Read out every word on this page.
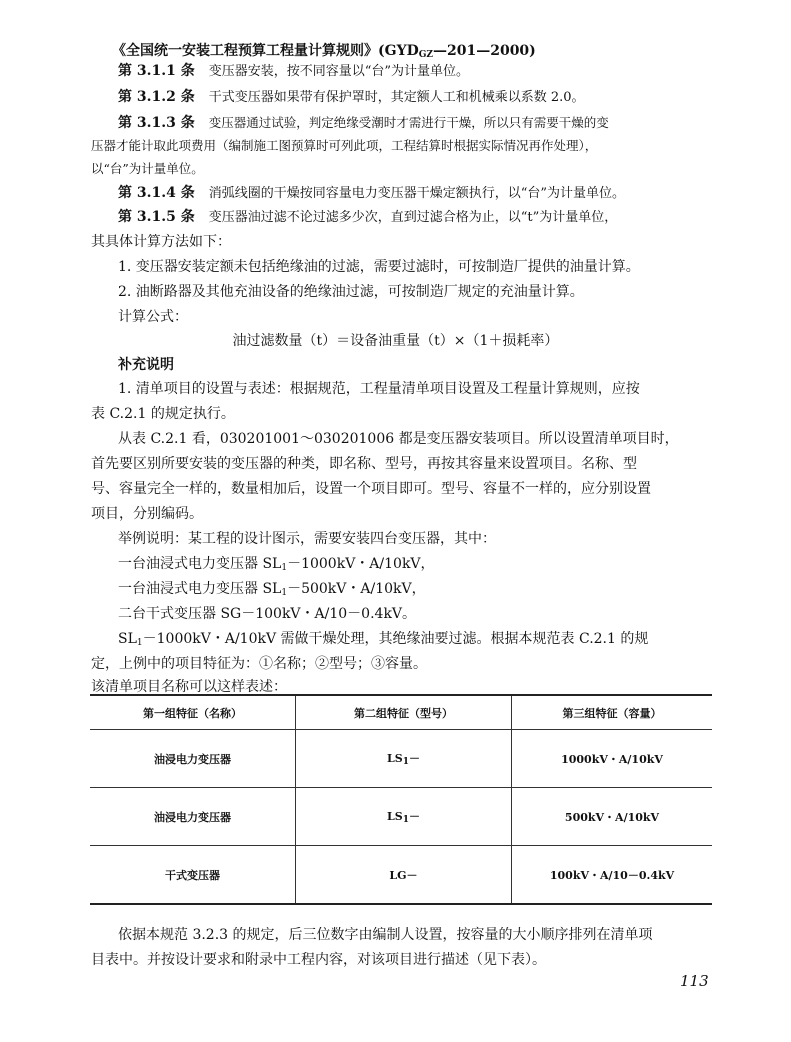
《全国统一安装工程预算工程量计算规则》$(GYD_{GZ}—201—2000)$
第 3.1.1 条 变压器安装，按不同容量以“台”为计量单位。
第 3.1.2 条 干式变压器如果带有保护罩时，其定额人工和机械乘以系数 2.0。
第 3.1.3 条 变压器通过试验，判定绝缘受潮时才需进行干燥，所以只有需要干燥的变
压器才能计取此项费用（编制施工图预算时可列此项，工程结算时根据实际情况再作处理），
以“台”为计量单位。
第 3.1.4 条 消弧线圈的干燥按同容量电力变压器干燥定额执行，以“台”为计量单位。
第 3.1.5 条 变压器油过滤不论过滤多少次，直到过滤合格为止，以“t”为计量单位，
其具体计算方法如下：
1. 变压器安装定额未包括绝缘油的过滤，需要过滤时，可按制造厂提供的油量计算。
2. 油断路器及其他充油设备的绝缘油过滤，可按制造厂规定的充油量计算。
计算公式：
油过滤数量（t）＝设备油重量（t）×（1＋损耗率）
补充说明
1. 清单项目的设置与表述：根据规范，工程量清单项目设置及工程量计算规则，应按
表 C.2.1 的规定执行。
从表 C.2.1 看，030201001～030201006 都是变压器安装项目。所以设置清单项目时，
首先要区别所要安装的变压器的种类，即名称、型号，再按其容量来设置项目。名称、型
号、容量完全一样的，数量相加后，设置一个项目即可。型号、容量不一样的，应分别设置
项目，分别编码。
举例说明：某工程的设计图示，需要安装四台变压器，其中：
一台油浸式电力变压器 $SL_1-1000kV$・A/10kV，
一台油浸式电力变压器 $SL_1-500kV$・A/10kV，
二台干式变压器 SG－100kV・A/10－0.4kV。
$SL_1-1000kV$・A/10kV 需做干燥处理，其绝缘油要过滤。根据本规范表 C.2.1 的规
定，上例中的项目特征为：①名称；②型号；③容量。
该清单项目名称可以这样表述：
第一组特征（名称）	第二组特征（型号）	第三组特征（容量）
油浸电力变压器	$LS_1-$	1000kV・A/10kV
油浸电力变压器	$LS_1-$	500kV・A/10kV
干式变压器	LG－	100kV・A/10－0.4kV
依据本规范 3.2.3 的规定，后三位数字由编制人设置，按容量的大小顺序排列在清单项
目表中。并按设计要求和附录中工程内容，对该项目进行描述（见下表）。
113
